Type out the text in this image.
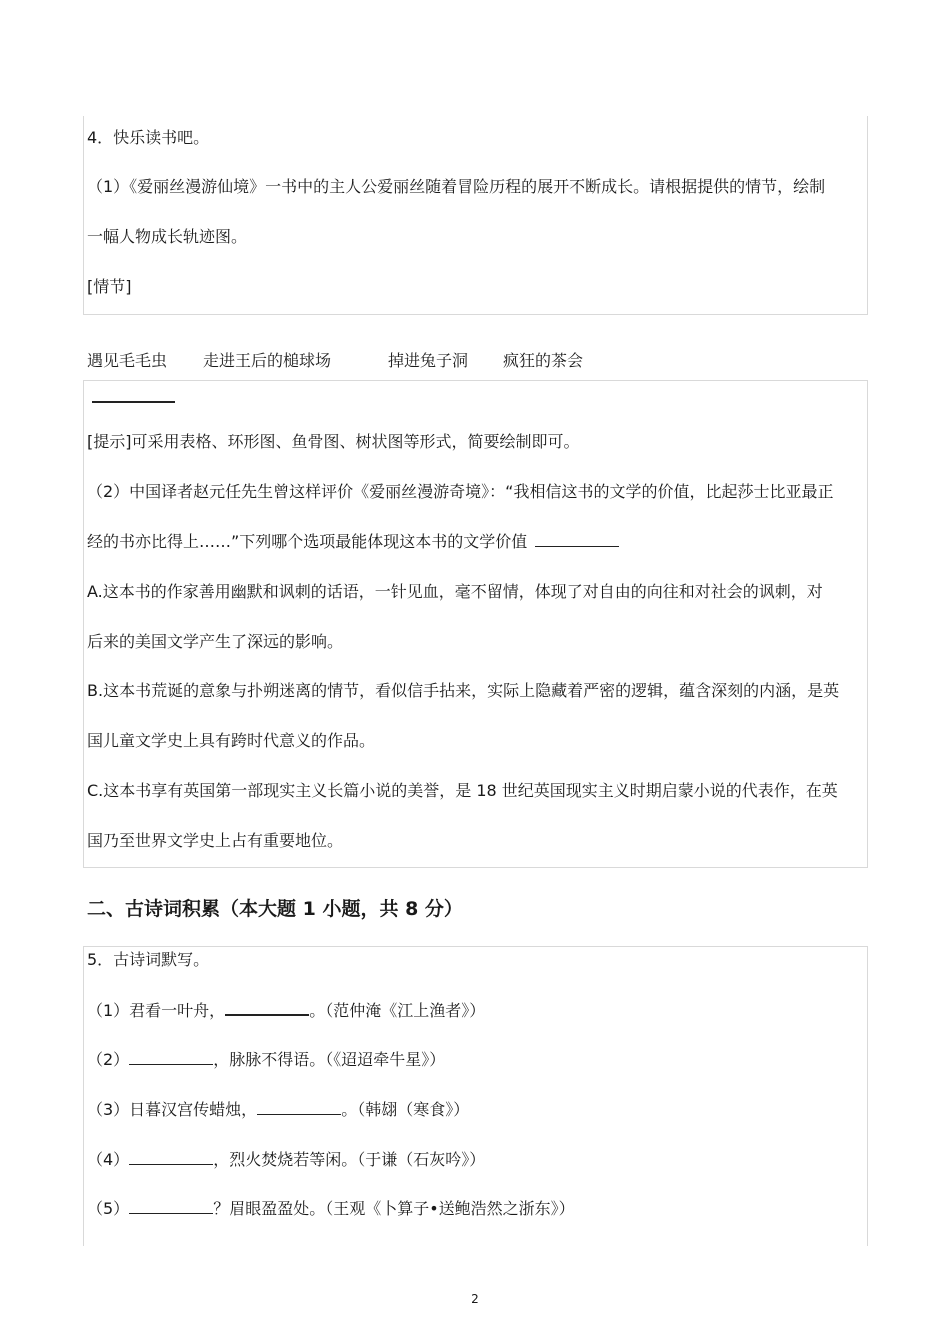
4．快乐读书吧。
（1）《爱丽丝漫游仙境》一书中的主人公爱丽丝随着冒险历程的展开不断成长。请根据提供的情节，绘制
一幅人物成长轨迹图。
[情节]
遇见毛毛虫 走进王后的槌球场	掉进兔子洞 疯狂的茶会
[提示]可采用表格、环形图、鱼骨图、树状图等形式，简要绘制即可。
（2）中国译者赵元任先生曾这样评价《爱丽丝漫游奇境》：“我相信这书的文学的价值，比起莎士比亚最正
经的书亦比得上……”下列哪个选项最能体现这本书的文学价值
A.这本书的作家善用幽默和讽刺的话语，一针见血，毫不留情，体现了对自由的向往和对社会的讽刺，对
后来的美国文学产生了深远的影响。
B.这本书荒诞的意象与扑朔迷离的情节，看似信手拈来，实际上隐藏着严密的逻辑，蕴含深刻的内涵，是英
国儿童文学史上具有跨时代意义的作品。
C.这本书享有英国第一部现实主义长篇小说的美誉，是 18 世纪英国现实主义时期启蒙小说的代表作，在英
国乃至世界文学史上占有重要地位。
二、古诗词积累（本大题 1 小题，共 8 分）
5．古诗词默写。
（1）君看一叶舟，	。（范仲淹《江上渔者》）
（2）	，脉脉不得语。（《迢迢牵牛星》）
（3）日暮汉宫传蜡烛，	。（韩翃（寒食》）
（4）	，烈火焚烧若等闲。（于谦（石灰吟》）
（5）	？眉眼盈盈处。（王观《卜算子•送鲍浩然之浙东》）
2
